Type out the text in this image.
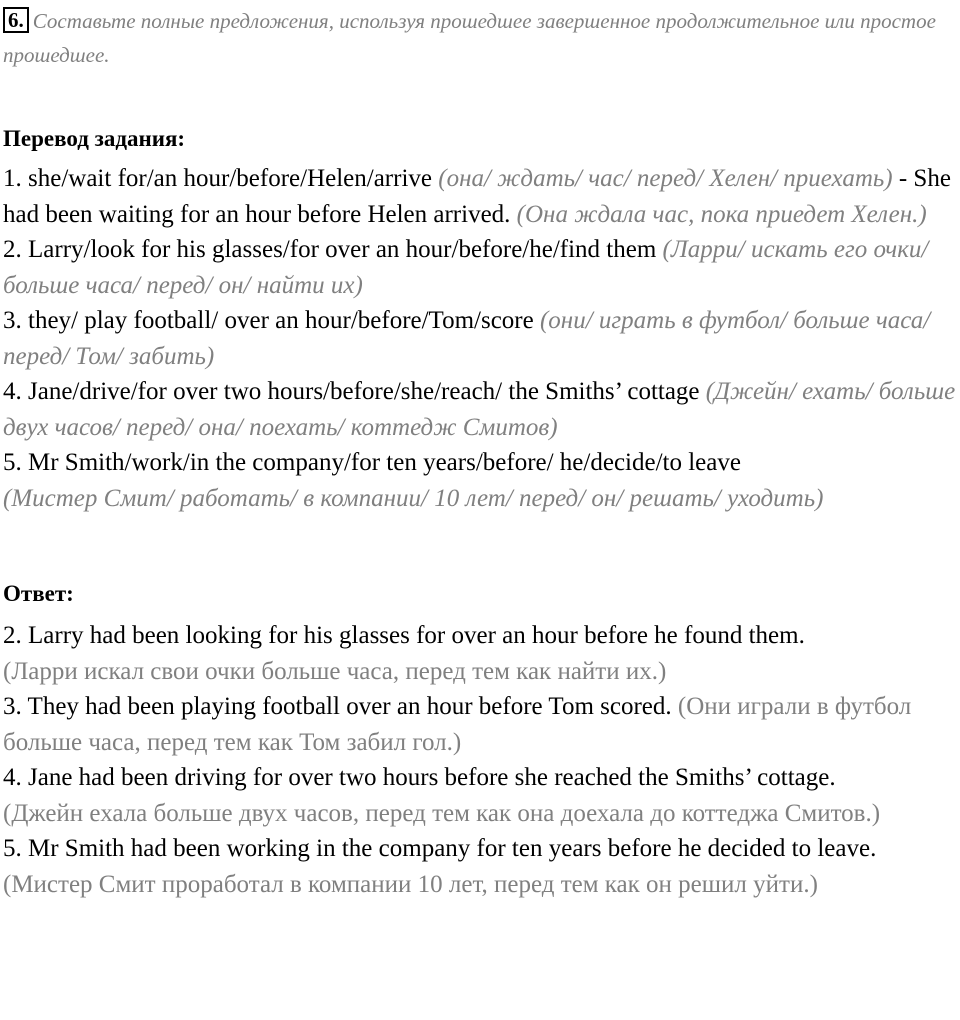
6. Составьте полные предложения, используя прошедшее завершенное продолжительное или простое прошедшее.
Перевод задания:
1. she/wait for/an hour/before/Helen/arrive (она/ ждать/ час/ перед/ Хелен/ приехать) - She had been waiting for an hour before Helen arrived. (Она ждала час, пока приедет Хелен.)
2. Larry/look for his glasses/for over an hour/before/he/find them (Ларри/ искать его очки/ больше часа/ перед/ он/ найти их)
3. they/ play football/ over an hour/before/Tom/score (они/ играть в футбол/ больше часа/ перед/ Том/ забить)
4. Jane/drive/for over two hours/before/she/reach/ the Smiths’ cottage (Джейн/ ехать/ больше двух часов/ перед/ она/ поехать/ коттедж Смитов)
5. Mr Smith/work/in the company/for ten years/before/ he/decide/to leave
(Мистер Смит/ работать/ в компании/ 10 лет/ перед/ он/ решать/ уходить)
Ответ:
2. Larry had been looking for his glasses for over an hour before he found them.
(Ларри искал свои очки больше часа, перед тем как найти их.)
3. They had been playing football over an hour before Tom scored. (Они играли в футбол больше часа, перед тем как Том забил гол.)
4. Jane had been driving for over two hours before she reached the Smiths’ cottage.
(Джейн ехала больше двух часов, перед тем как она доехала до коттеджа Смитов.)
5. Mr Smith had been working in the company for ten years before he decided to leave. (Мистер Смит проработал в компании 10 лет, перед тем как он решил уйти.)
